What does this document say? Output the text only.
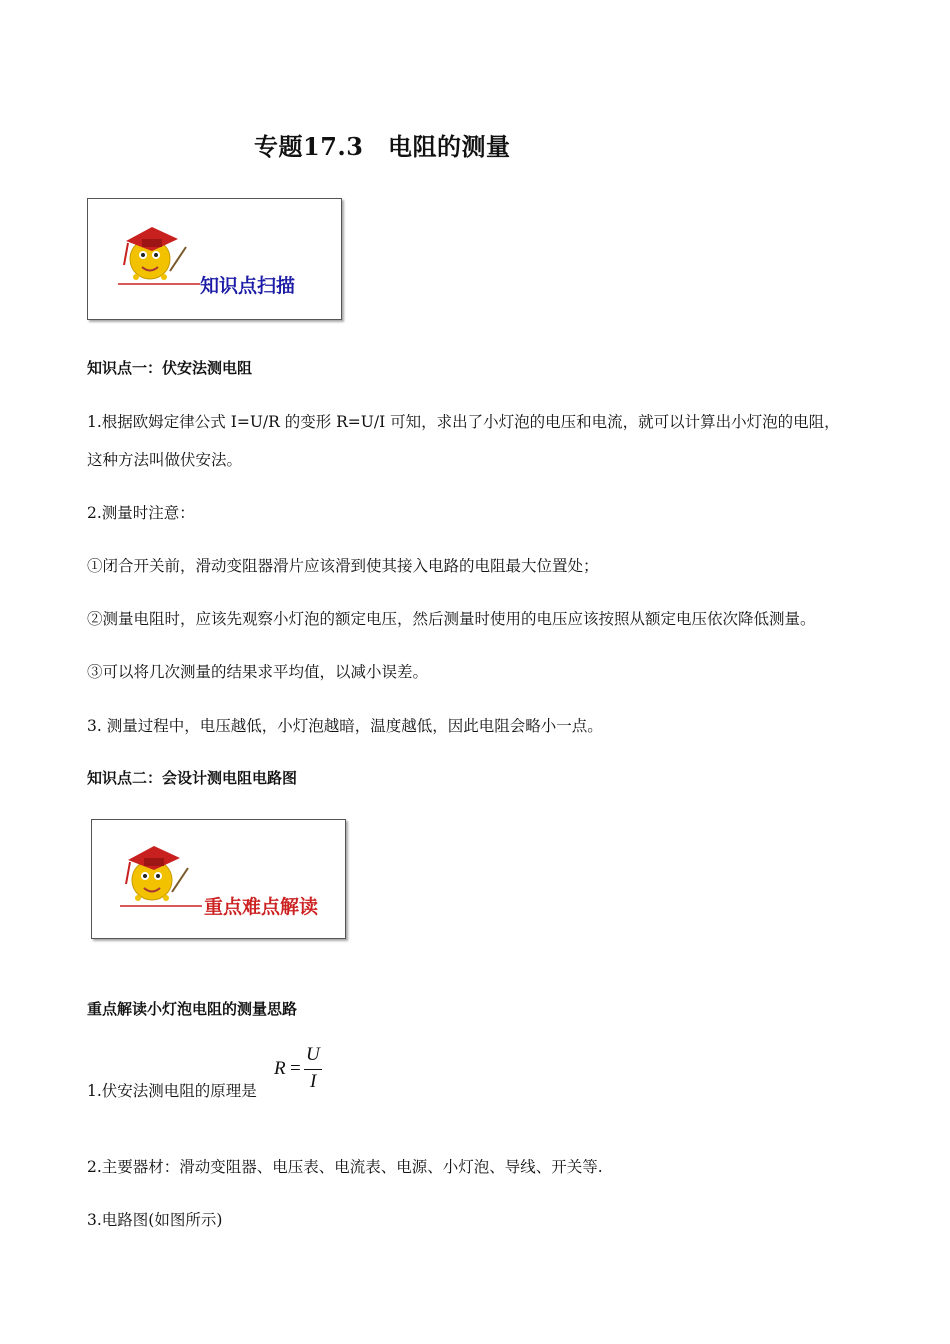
专题17.3　电阻的测量
知识点扫描
知识点一：伏安法测电阻
1.根据欧姆定律公式 I=U/R 的变形 R=U/I 可知，求出了小灯泡的电压和电流，就可以计算出小灯泡的电阻，
这种方法叫做伏安法。
2.测量时注意：
①闭合开关前，滑动变阻器滑片应该滑到使其接入电路的电阻最大位置处；
②测量电阻时，应该先观察小灯泡的额定电压，然后测量时使用的电压应该按照从额定电压依次降低测量。
③可以将几次测量的结果求平均值，以减小误差。
3. 测量过程中，电压越低，小灯泡越暗，温度越低，因此电阻会略小一点。
知识点二：会设计测电阻电路图
重点难点解读
重点解读小灯泡电阻的测量思路
1.伏安法测电阻的原理是
R =
U
I
2.主要器材：滑动变阻器、电压表、电流表、电源、小灯泡、导线、开关等.
3.电路图(如图所示)
